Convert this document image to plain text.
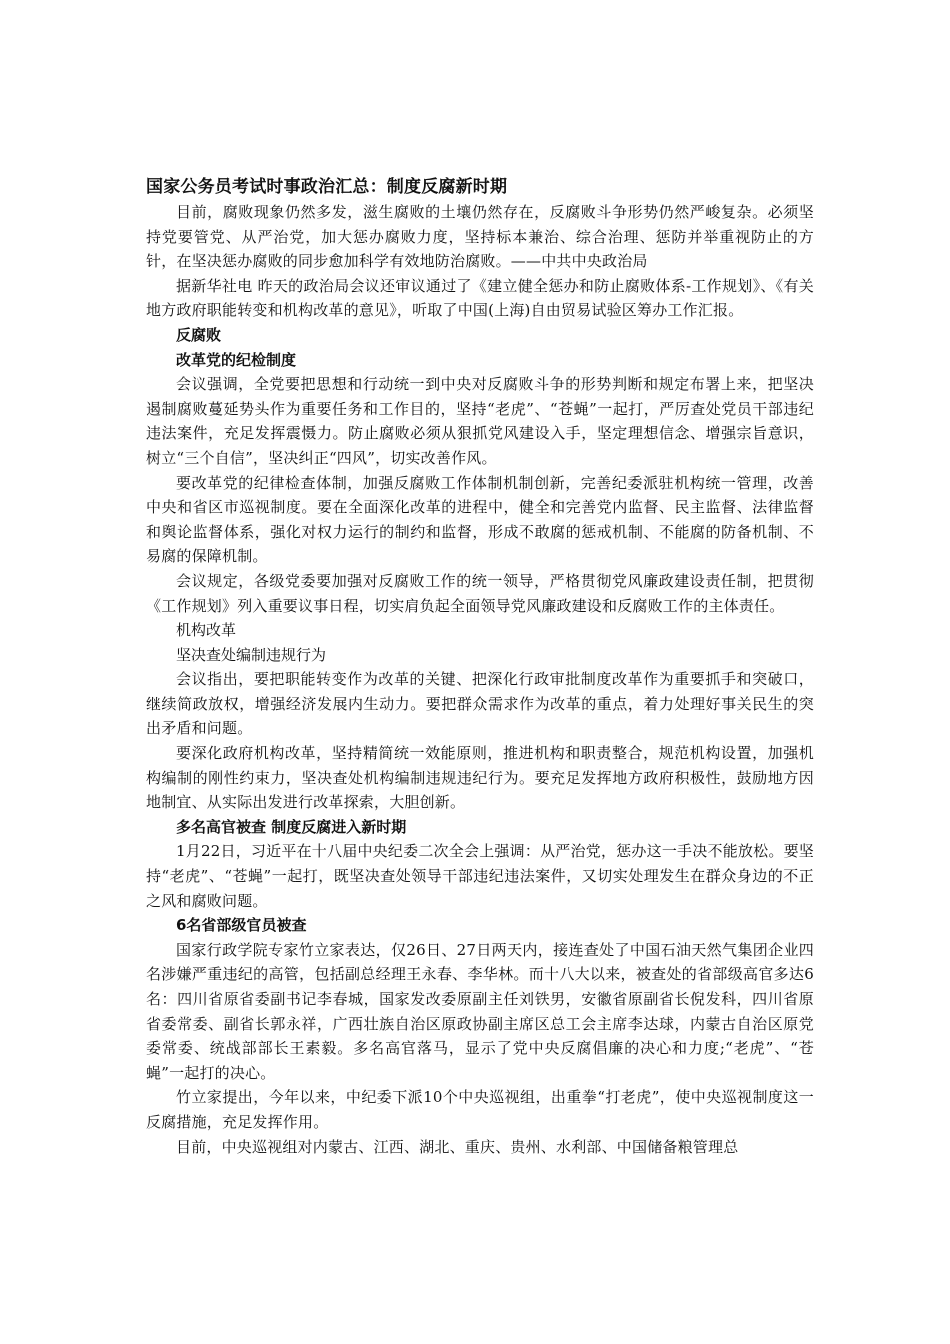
国家公务员考试时事政治汇总：制度反腐新时期

目前，腐败现象仍然多发，滋生腐败的土壤仍然存在，反腐败斗争形势仍然严峻复杂。必须坚持党要管党、从严治党，加大惩办腐败力度，坚持标本兼治、综合治理、惩防并举重视防止的方针，在坚决惩办腐败的同步愈加科学有效地防治腐败。——中共中央政治局

据新华社电 昨天的政治局会议还审议通过了《建立健全惩办和防止腐败体系-工作规划》、《有关地方政府职能转变和机构改革的意见》，听取了中国(上海)自由贸易试验区筹办工作汇报。

反腐败
改革党的纪检制度

会议强调，全党要把思想和行动统一到中央对反腐败斗争的形势判断和规定布署上来，把坚决遏制腐败蔓延势头作为重要任务和工作目的，坚持“老虎”、“苍蝇”一起打，严厉查处党员干部违纪违法案件，充足发挥震慑力。防止腐败必须从狠抓党风建设入手，坚定理想信念、增强宗旨意识，树立“三个自信”，坚决纠正“四风”，切实改善作风。

要改革党的纪律检查体制，加强反腐败工作体制机制创新，完善纪委派驻机构统一管理，改善中央和省区市巡视制度。要在全面深化改革的进程中，健全和完善党内监督、民主监督、法律监督和舆论监督体系，强化对权力运行的制约和监督，形成不敢腐的惩戒机制、不能腐的防备机制、不易腐的保障机制。

会议规定，各级党委要加强对反腐败工作的统一领导，严格贯彻党风廉政建设责任制，把贯彻《工作规划》列入重要议事日程，切实肩负起全面领导党风廉政建设和反腐败工作的主体责任。

机构改革
坚决查处编制违规行为

会议指出，要把职能转变作为改革的关键、把深化行政审批制度改革作为重要抓手和突破口，继续简政放权，增强经济发展内生动力。要把群众需求作为改革的重点，着力处理好事关民生的突出矛盾和问题。

要深化政府机构改革，坚持精简统一效能原则，推进机构和职责整合，规范机构设置，加强机构编制的刚性约束力，坚决查处机构编制违规违纪行为。要充足发挥地方政府积极性，鼓励地方因地制宜、从实际出发进行改革探索，大胆创新。

多名高官被查 制度反腐进入新时期

1月22日，习近平在十八届中央纪委二次全会上强调：从严治党，惩办这一手决不能放松。要坚持“老虎”、“苍蝇”一起打，既坚决查处领导干部违纪违法案件，又切实处理发生在群众身边的不正之风和腐败问题。

6名省部级官员被查

国家行政学院专家竹立家表达，仅26日、27日两天内，接连查处了中国石油天然气集团企业四名涉嫌严重违纪的高管，包括副总经理王永春、李华林。而十八大以来，被查处的省部级高官多达6名：四川省原省委副书记李春城，国家发改委原副主任刘铁男，安徽省原副省长倪发科，四川省原省委常委、副省长郭永祥，广西壮族自治区原政协副主席区总工会主席李达球，内蒙古自治区原党委常委、统战部部长王素毅。多名高官落马，显示了党中央反腐倡廉的决心和力度;“老虎”、“苍蝇”一起打的决心。

竹立家提出，今年以来，中纪委下派10个中央巡视组，出重拳“打老虎”，使中央巡视制度这一反腐措施，充足发挥作用。

目前，中央巡视组对内蒙古、江西、湖北、重庆、贵州、水利部、中国储备粮管理总
